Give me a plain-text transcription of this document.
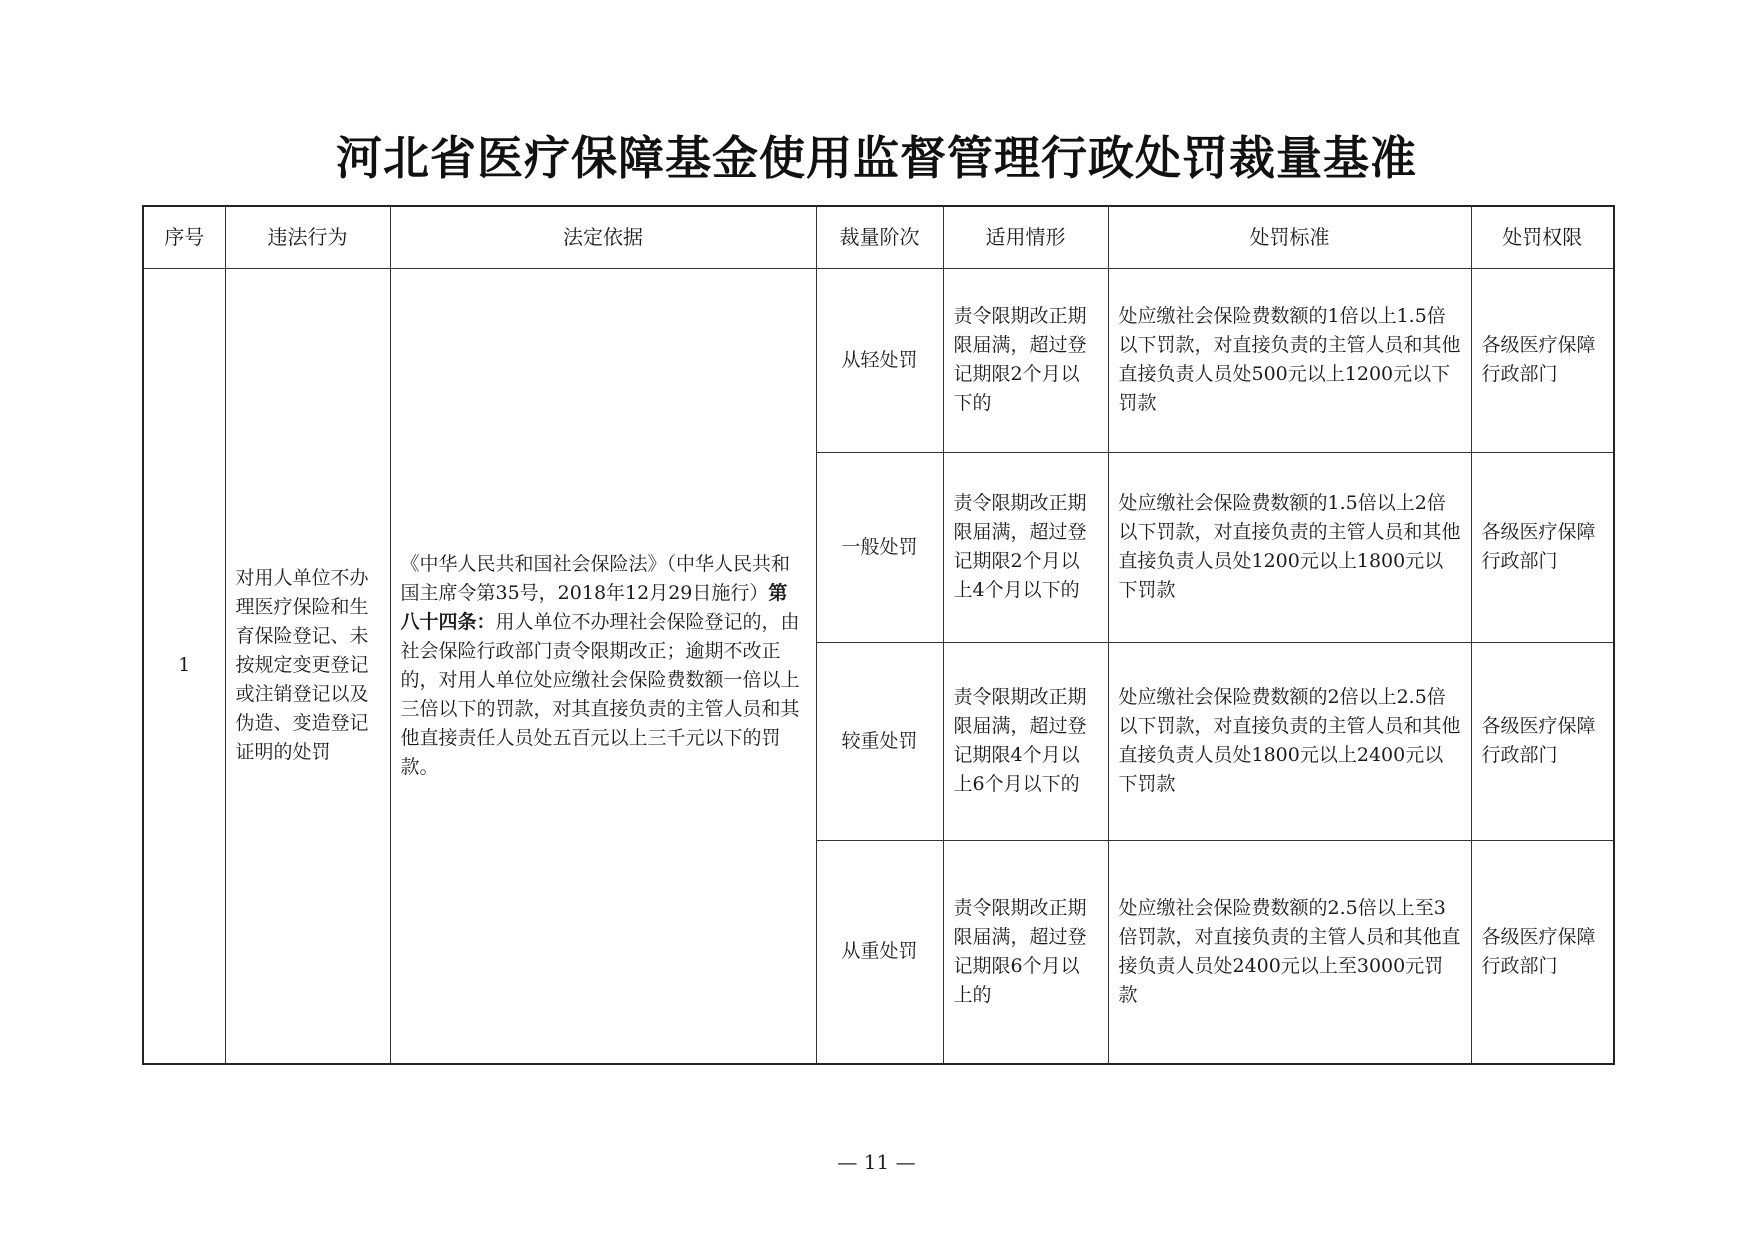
河北省医疗保障基金使用监督管理行政处罚裁量基准
序号	违法行为	法定依据	裁量阶次	适用情形	处罚标准	处罚权限
1	对用人单位不办理医疗保险和生育保险登记、未按规定变更登记或注销登记以及伪造、变造登记证明的处罚	《中华人民共和国社会保险法》（中华人民共和国主席令第35号，2018年12月29日施行）第八十四条：用人单位不办理社会保险登记的，由社会保险行政部门责令限期改正；逾期不改正的，对用人单位处应缴社会保险费数额一倍以上三倍以下的罚款，对其直接负责的主管人员和其他直接责任人员处五百元以上三千元以下的罚款。	从轻处罚	责令限期改正期限届满，超过登记期限2个月以下的	处应缴社会保险费数额的1倍以上1.5倍以下罚款，对直接负责的主管人员和其他直接负责人员处500元以上1200元以下罚款	各级医疗保障行政部门
			一般处罚	责令限期改正期限届满，超过登记期限2个月以上4个月以下的	处应缴社会保险费数额的1.5倍以上2倍以下罚款，对直接负责的主管人员和其他直接负责人员处1200元以上1800元以下罚款	各级医疗保障行政部门
			较重处罚	责令限期改正期限届满，超过登记期限4个月以上6个月以下的	处应缴社会保险费数额的2倍以上2.5倍以下罚款，对直接负责的主管人员和其他直接负责人员处1800元以上2400元以下罚款	各级医疗保障行政部门
			从重处罚	责令限期改正期限届满，超过登记期限6个月以上的	处应缴社会保险费数额的2.5倍以上至3倍罚款，对直接负责的主管人员和其他直接负责人员处2400元以上至3000元罚款	各级医疗保障行政部门
— 11 —
